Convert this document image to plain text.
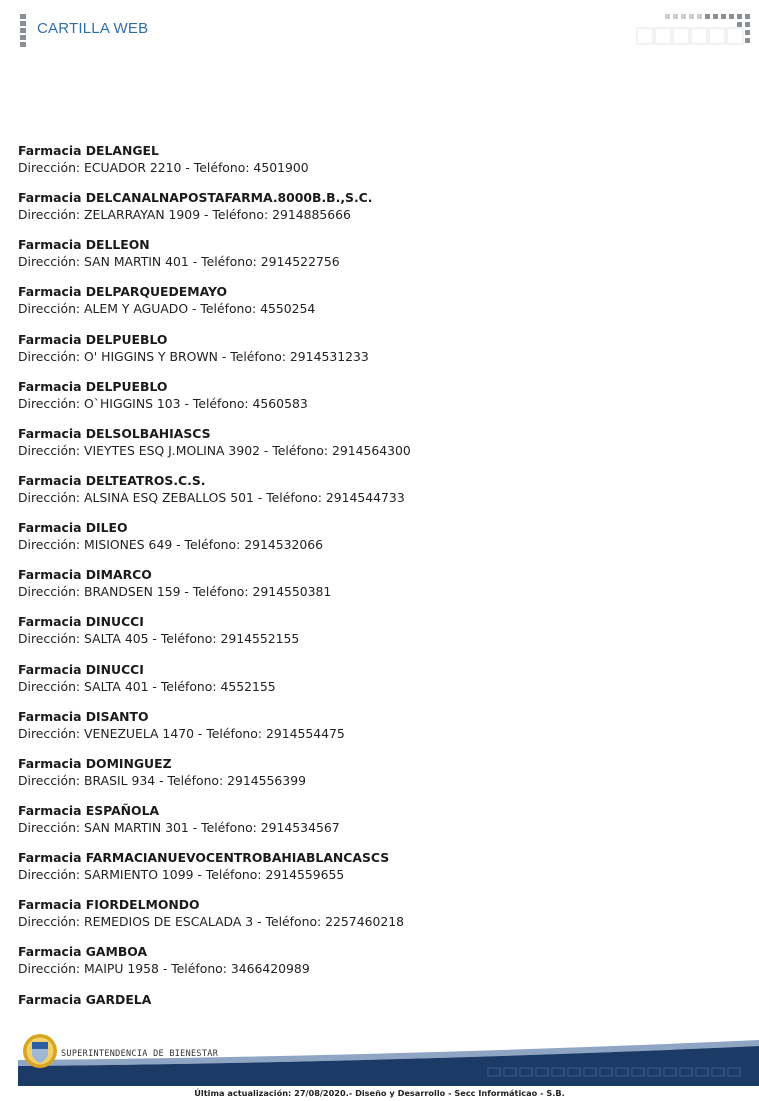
CARTILLA WEB
Farmacia DELANGEL
Dirección: ECUADOR 2210 - Teléfono: 4501900
Farmacia DELCANALNAPOSTAFARMA.8000B.B.,S.C.
Dirección: ZELARRAYAN 1909 - Teléfono: 2914885666
Farmacia DELLEON
Dirección: SAN MARTIN 401 - Teléfono: 2914522756
Farmacia DELPARQUEDEMAYO
Dirección: ALEM Y AGUADO - Teléfono: 4550254
Farmacia DELPUEBLO
Dirección: O' HIGGINS Y BROWN - Teléfono: 2914531233
Farmacia DELPUEBLO
Dirección: O`HIGGINS 103 - Teléfono: 4560583
Farmacia DELSOLBAHIASCS
Dirección: VIEYTES ESQ J.MOLINA 3902 - Teléfono: 2914564300
Farmacia DELTEATROS.C.S.
Dirección: ALSINA ESQ ZEBALLOS 501 - Teléfono: 2914544733
Farmacia DILEO
Dirección: MISIONES 649 - Teléfono: 2914532066
Farmacia DIMARCO
Dirección: BRANDSEN 159 - Teléfono: 2914550381
Farmacia DINUCCI
Dirección: SALTA 405 - Teléfono: 2914552155
Farmacia DINUCCI
Dirección: SALTA 401 - Teléfono: 4552155
Farmacia DISANTO
Dirección: VENEZUELA 1470 - Teléfono: 2914554475
Farmacia DOMINGUEZ
Dirección: BRASIL 934 - Teléfono: 2914556399
Farmacia ESPAÑOLA
Dirección: SAN MARTIN 301 - Teléfono: 2914534567
Farmacia FARMACIANUEVOCENTROBAHIABLANCASCS
Dirección: SARMIENTO 1099 - Teléfono: 2914559655
Farmacia FIORDELMONDO
Dirección: REMEDIOS DE ESCALADA 3 - Teléfono: 2257460218
Farmacia GAMBOA
Dirección: MAIPU 1958 - Teléfono: 3466420989
Farmacia GARDELA
SUPERINTENDENCIA DE BIENESTAR
Última actualización: 27/08/2020.- Diseño y Desarrollo - Secc Informáticao - S.B.
